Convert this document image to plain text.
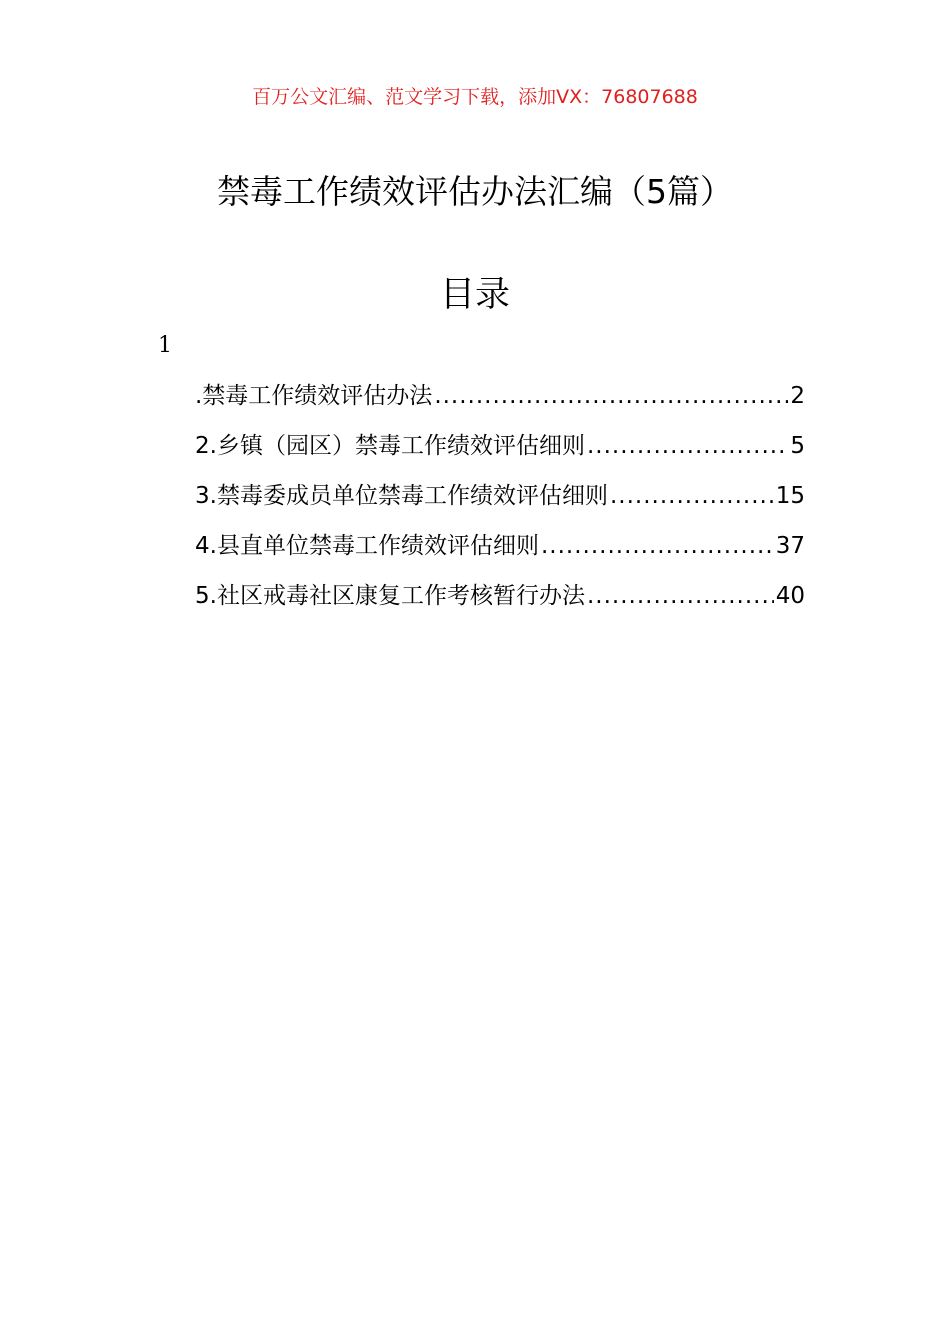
百万公文汇编、范文学习下载，添加VX：76807688
禁毒工作绩效评估办法汇编（5篇）
目录
1
.禁毒工作绩效评估办法 .....	2
2.乡镇（园区）禁毒工作绩效评估细则 .....	5
3.禁毒委成员单位禁毒工作绩效评估细则 .....	15
4.县直单位禁毒工作绩效评估细则 .....	37
5.社区戒毒社区康复工作考核暂行办法 .....	40
